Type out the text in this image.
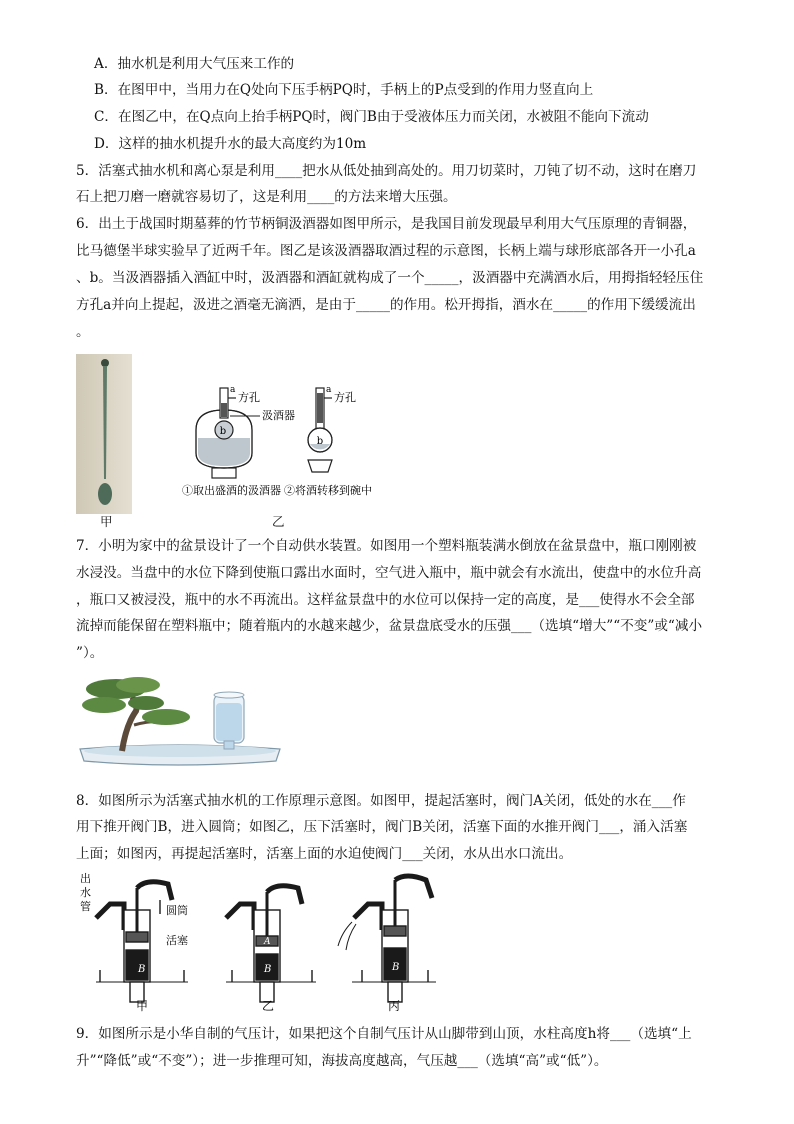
A．抽水机是利用大气压来工作的
B．在图甲中，当用力在Q处向下压手柄PQ时，手柄上的P点受到的作用力竖直向上
C．在图乙中，在Q点向上抬手柄PQ时，阀门B由于受液体压力而关闭，水被阻不能向下流动
D．这样的抽水机提升水的最大高度约为10m
5．活塞式抽水机和离心泵是利用____把水从低处抽到高处的。用刀切菜时，刀钝了切不动，这时在磨刀
石上把刀磨一磨就容易切了，这是利用____的方法来增大压强。
6．出土于战国时期墓葬的竹节柄铜汲酒器如图甲所示，是我国目前发现最早利用大气压原理的青铜器，
比马德堡半球实验早了近两千年。图乙是该汲酒器取酒过程的示意图，长柄上端与球形底部各开一小孔a
、b。当汲酒器插入酒缸中时，汲酒器和酒缸就构成了一个_____，汲酒器中充满酒水后，用拇指轻轻压住
方孔a并向上提起，汲进之酒毫无滴洒，是由于_____的作用。松开拇指，酒水在_____的作用下缓缓流出
。
甲
b
a
方孔
汲酒器
b
a
方孔
①取出盛酒的汲酒器 ②将酒转移到碗中
乙
7．小明为家中的盆景设计了一个自动供水装置。如图用一个塑料瓶装满水倒放在盆景盘中，瓶口刚刚被
水浸没。当盘中的水位下降到使瓶口露出水面时，空气进入瓶中，瓶中就会有水流出，使盘中的水位升高
，瓶口又被浸没，瓶中的水不再流出。这样盆景盘中的水位可以保持一定的高度，是___使得水不会全部
流掉而能保留在塑料瓶中；随着瓶内的水越来越少，盆景盘底受水的压强___（选填“增大”“不变”或“减小
”）。
8．如图所示为活塞式抽水机的工作原理示意图。如图甲，提起活塞时，阀门A关闭，低处的水在___作
用下推开阀门B，进入圆筒；如图乙，压下活塞时，阀门B关闭，活塞下面的水推开阀门___，涌入活塞
上面；如图丙，再提起活塞时，活塞上面的水迫使阀门___关闭，水从出水口流出。
出
水
管	圆筒
活塞
B
甲
A
B
乙
B
丙
9．如图所示是小华自制的气压计，如果把这个自制气压计从山脚带到山顶，水柱高度h将___（选填“上
升”“降低”或“不变”）；进一步推理可知，海拔高度越高，气压越___（选填“高”或“低”）。
